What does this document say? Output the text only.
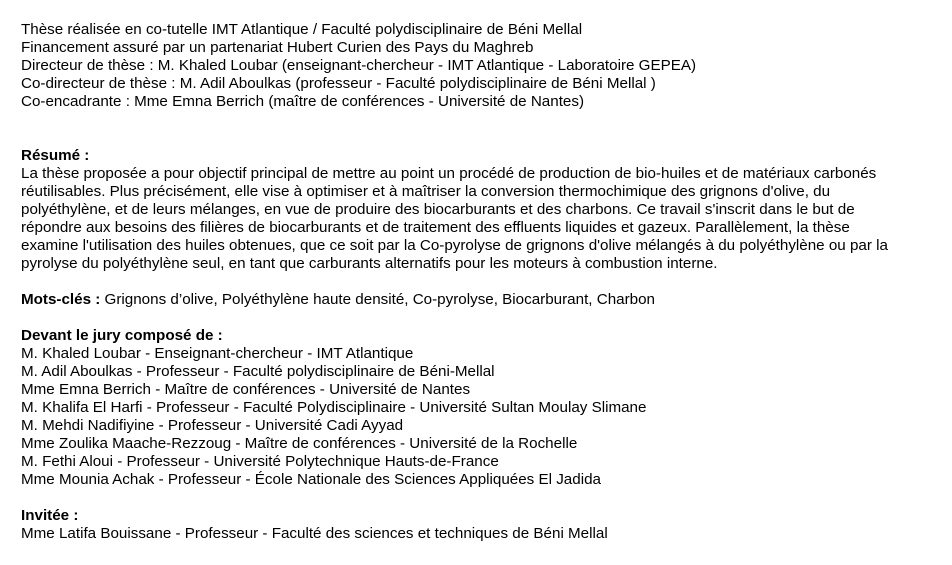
Thèse réalisée en co-tutelle IMT Atlantique / Faculté polydisciplinaire de Béni Mellal
Financement assuré par un partenariat Hubert Curien des Pays du Maghreb
Directeur de thèse : M. Khaled Loubar (enseignant-chercheur - IMT Atlantique - Laboratoire GEPEA)
Co-directeur de thèse : M. Adil Aboulkas (professeur - Faculté polydisciplinaire de Béni Mellal )
Co-encadrante : Mme Emna Berrich (maître de conférences - Université de Nantes)
Résumé :
La thèse proposée a pour objectif principal de mettre au point un procédé de production de bio-huiles et de matériaux carbonés
réutilisables. Plus précisément, elle vise à optimiser et à maîtriser la conversion thermochimique des grignons d'olive, du
polyéthylène, et de leurs mélanges, en vue de produire des biocarburants et des charbons. Ce travail s'inscrit dans le but de
répondre aux besoins des filières de biocarburants et de traitement des effluents liquides et gazeux. Parallèlement, la thèse
examine l'utilisation des huiles obtenues, que ce soit par la Co-pyrolyse de grignons d'olive mélangés à du polyéthylène ou par la
pyrolyse du polyéthylène seul, en tant que carburants alternatifs pour les moteurs à combustion interne.
Mots-clés : Grignons d’olive, Polyéthylène haute densité, Co-pyrolyse, Biocarburant, Charbon
Devant le jury composé de :
M. Khaled Loubar - Enseignant-chercheur - IMT Atlantique
M. Adil Aboulkas - Professeur - Faculté polydisciplinaire de Béni-Mellal
Mme Emna Berrich - Maître de conférences - Université de Nantes
M. Khalifa El Harfi - Professeur - Faculté Polydisciplinaire - Université Sultan Moulay Slimane
M. Mehdi Nadifiyine - Professeur - Université Cadi Ayyad
Mme Zoulika Maache-Rezzoug - Maître de conférences - Université de la Rochelle
M. Fethi Aloui - Professeur - Université Polytechnique Hauts-de-France
Mme Mounia Achak - Professeur - École Nationale des Sciences Appliquées El Jadida
Invitée :
Mme Latifa Bouissane - Professeur - Faculté des sciences et techniques de Béni Mellal
